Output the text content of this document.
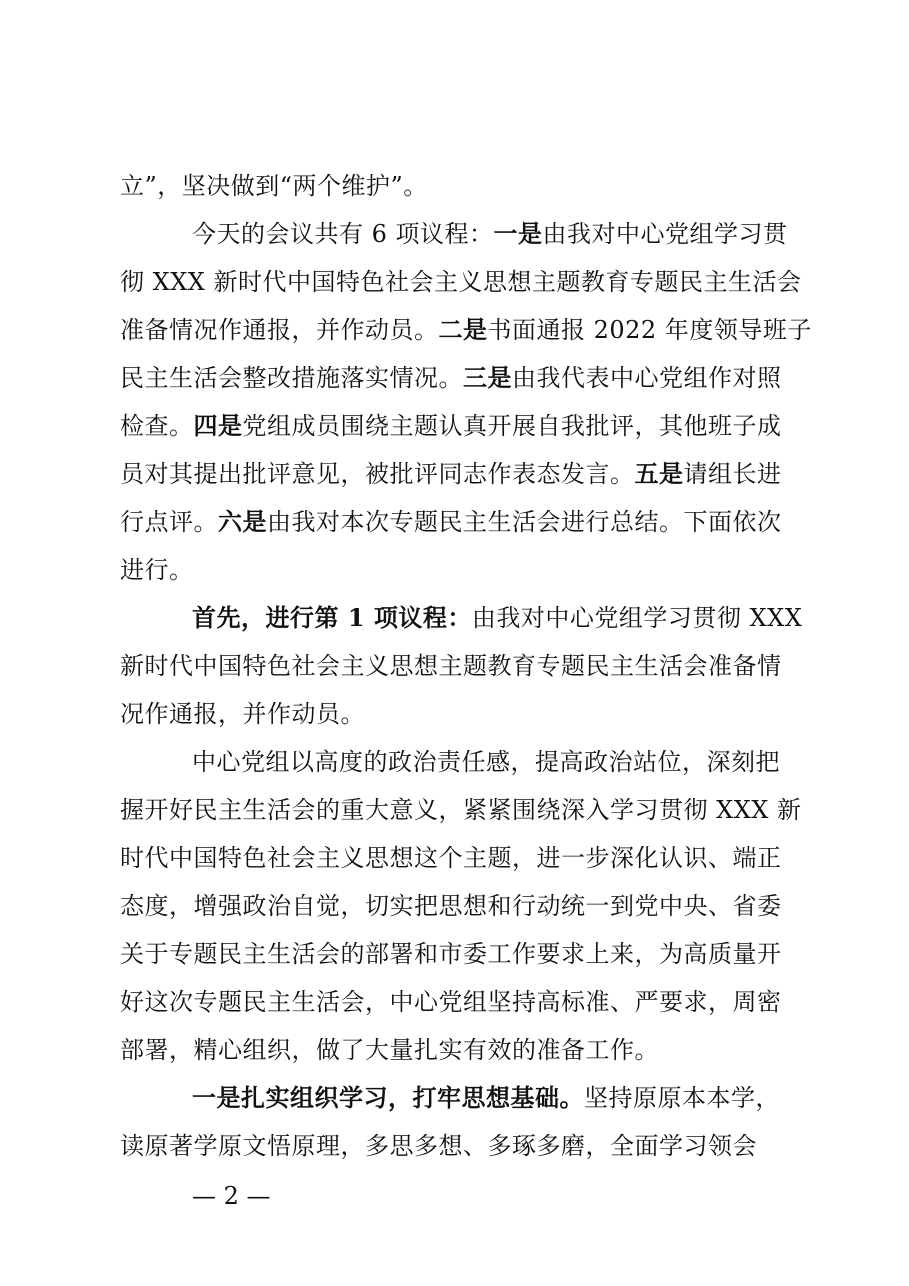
立”，坚决做到“两个维护”。
今天的会议共有 6 项议程：一是由我对中心党组学习贯
彻 XXX 新时代中国特色社会主义思想主题教育专题民主生活会
准备情况作通报，并作动员。二是书面通报 2022 年度领导班子
民主生活会整改措施落实情况。三是由我代表中心党组作对照
检查。四是党组成员围绕主题认真开展自我批评，其他班子成
员对其提出批评意见，被批评同志作表态发言。五是请组长进
行点评。六是由我对本次专题民主生活会进行总结。下面依次
进行。
首先，进行第 1 项议程：由我对中心党组学习贯彻 XXX
新时代中国特色社会主义思想主题教育专题民主生活会准备情
况作通报，并作动员。
中心党组以高度的政治责任感，提高政治站位，深刻把
握开好民主生活会的重大意义，紧紧围绕深入学习贯彻 XXX 新
时代中国特色社会主义思想这个主题，进一步深化认识、端正
态度，增强政治自觉，切实把思想和行动统一到党中央、省委
关于专题民主生活会的部署和市委工作要求上来，为高质量开
好这次专题民主生活会，中心党组坚持高标准、严要求，周密
部署，精心组织，做了大量扎实有效的准备工作。
一是扎实组织学习，打牢思想基础。坚持原原本本学，
读原著学原文悟原理，多思多想、多琢多磨，全面学习领会
— 2 —
